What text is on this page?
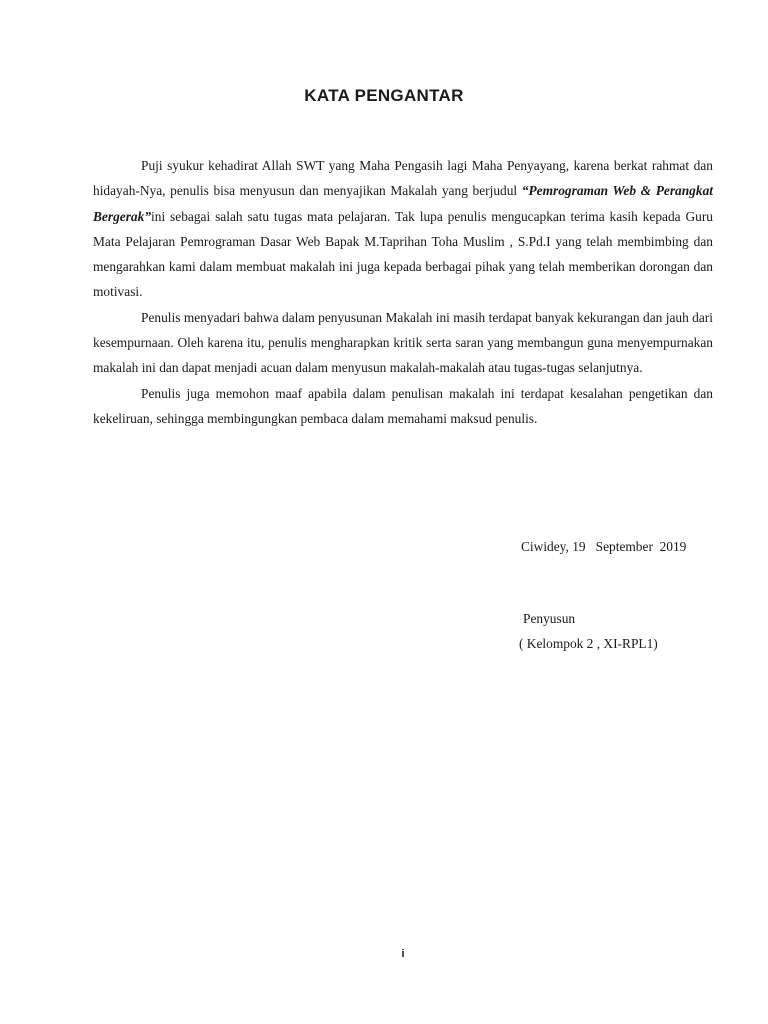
KATA PENGANTAR

Puji syukur kehadirat Allah SWT yang Maha Pengasih lagi Maha Penyayang, karena berkat rahmat dan hidayah-Nya, penulis bisa menyusun dan menyajikan Makalah yang berjudul “Pemrograman Web & Perangkat Bergerak”ini sebagai salah satu tugas mata pelajaran. Tak lupa penulis mengucapkan terima kasih kepada Guru Mata Pelajaran Pemrograman Dasar Web Bapak M.Taprihan Toha Muslim , S.Pd.I yang telah membimbing dan mengarahkan kami dalam membuat makalah ini juga kepada berbagai pihak yang telah memberikan dorongan dan motivasi.

Penulis menyadari bahwa dalam penyusunan Makalah ini masih terdapat banyak kekurangan dan jauh dari kesempurnaan. Oleh karena itu, penulis mengharapkan kritik serta saran yang membangun guna menyempurnakan makalah ini dan dapat menjadi acuan dalam menyusun makalah-makalah atau tugas-tugas selanjutnya.

Penulis juga memohon maaf apabila dalam penulisan makalah ini terdapat kesalahan pengetikan dan kekeliruan, sehingga membingungkan pembaca dalam memahami maksud penulis.

Ciwidey, 19   September  2019
Penyusun
( Kelompok 2 , XI-RPL1)
i
